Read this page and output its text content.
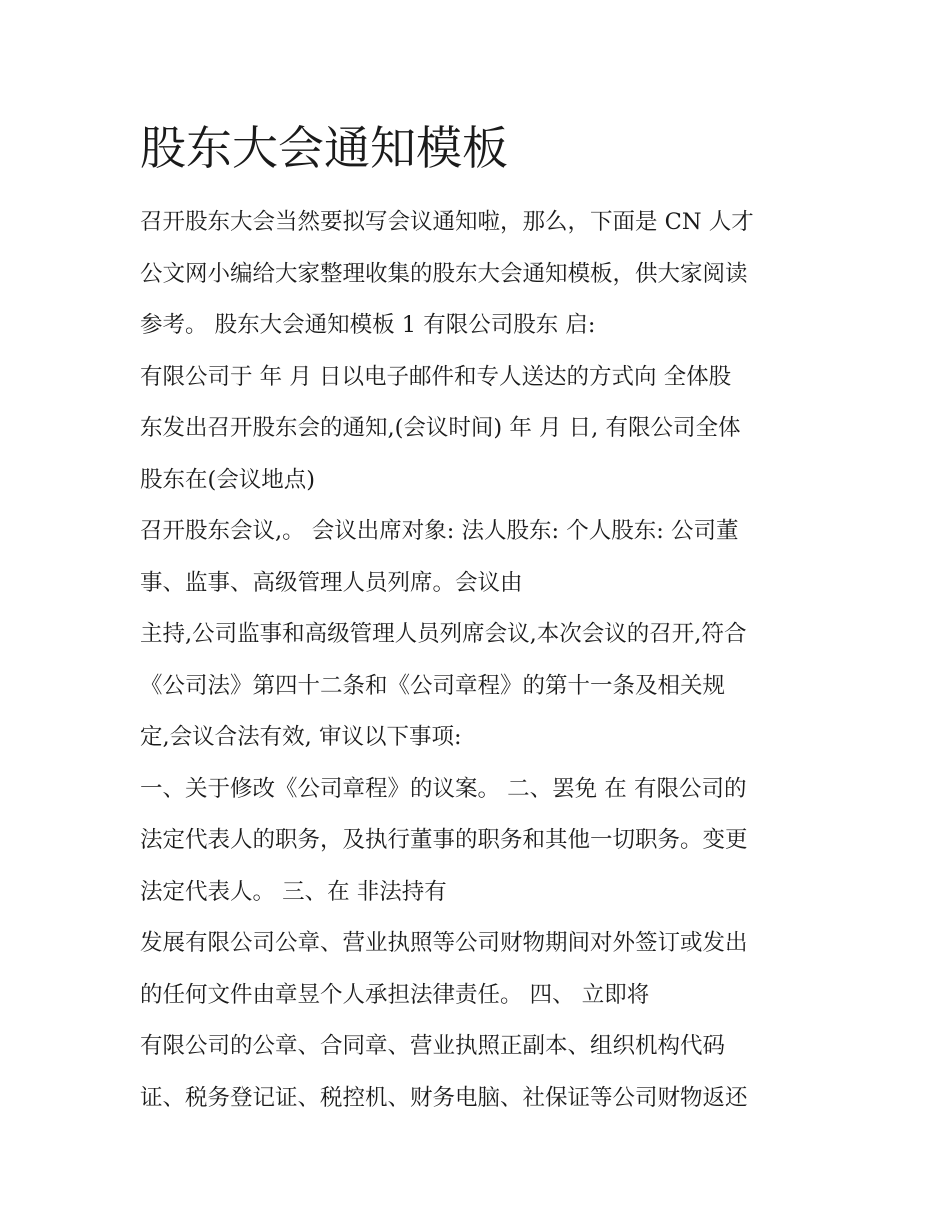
股东大会通知模板

召开股东大会当然要拟写会议通知啦，那么，下面是 CN 人才

公文网小编给大家整理收集的股东大会通知模板，供大家阅读

参考。 股东大会通知模板 1 有限公司股东 启:

有限公司于 年 月 日以电子邮件和专人送达的方式向 全体股

东发出召开股东会的通知,(会议时间) 年 月 日, 有限公司全体

股东在(会议地点)

召开股东会议,。 会议出席对象: 法人股东: 个人股东: 公司董

事、监事、高级管理人员列席。会议由

主持,公司监事和高级管理人员列席会议,本次会议的召开,符合

《公司法》第四十二条和《公司章程》的第十一条及相关规

定,会议合法有效, 审议以下事项:

一、关于修改《公司章程》的议案。 二、罢免 在 有限公司的

法定代表人的职务，及执行董事的职务和其他一切职务。变更

法定代表人。 三、在 非法持有

发展有限公司公章、营业执照等公司财物期间对外签订或发出

的任何文件由章昱个人承担法律责任。 四、 立即将

有限公司的公章、合同章、营业执照正副本、组织机构代码

证、税务登记证、税控机、财务电脑、社保证等公司财物返还
